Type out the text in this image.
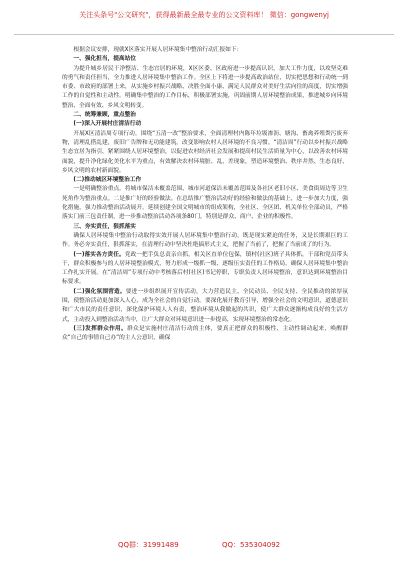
关注头条号"公文研究"，获得最新最全最专业的公文资料库！ 微信：gongwenyj

根据会议安排，现就X区落实开展人居环境集中整治行动汇报如下：

一、强化担当，提高站位

为提升城乡居民干净整洁、生态宜居的环境，X区区委、区政府进一步提高认识，加大工作力度，以攻坚克难的勇气和责任担当，全力推进人居环境集中整治工作。全区上下将进一步提高政治站位，切实把思想和行动统一到市委、市政府的部署上来，从实施乡村振兴战略、决胜全面小康、满足人民群众对美好生活向往的高度，切实增强工作的自觉性和主动性。明确集中整治的工作目标，积极部署实施，巩固前期人居环境整治成果，推进城乡向环境整治、全面有效、乡风文明转变。

二、统筹兼顾，重点整治

(一)深入开展村庄清洁行动

开展X区清洁周专项行动。围绕“五清一改”整治要求，全面清理村内陈年垃圾渗沥、塘沟、畜禽养殖粪污废弃物，清理乱搭乱建，废旧广告牌和无功能建筑。改变影响农村人居环境的不良习惯。“清洁周”行动以乡村振兴战略生态宜居为指引，紧紧围绕人居环境整治，以促进农村经济社会发展和提高村民生活质量为中心，以改善农村环境面貌，提升净化绿化美化水平为重点，有效解决农村环境脏、乱、差现象，塑造环境整治、秩序井然、生态良好、乡风文明的农村新面貌。

(二)推动城区环境整治工作

一是明确整治重点。将城市保洁未覆盖范围、城市河道保洁未覆盖范围及各社区老旧小区、美食街周边等卫生死角作为整治重点。二是推广好的经验做法。在总结推广整治活动好的经验和做法的基础上，进一步加大力度，强化措施，强力推动整治活动展开。延续创建全国文明城市的组成架构，全社区、全区团、机关单位全部动员，严格落实门前三包责任制，进一步推动整治活动各项条80门，特别是群众、商户、企业的积极性。

三、夯实责任，狠抓落实

确保人居环境集中整治行动取得实效开展人居环境集中整治行动。既是现实紧迫的任务，又是长期艰巨的工作。务必夯实责任，狠抓落实，在清理行动中坚决杜绝搞形式主义，把握了当前了，把握了当前成了的行为。

(一)落实各方责任。党政一把手负总责亲自抓，相关区直单位包保，镇村(社区)班子具体抓，干部和党员带头干，群众积极参与的人居环境整治模式，努力形成一级抓一级、逐级压实责任的工作格局。确保人居环境集中整治工作扎实开展。在“清洁周”专项行动中考核落后村(社区)书记停职，专职负责人居环境整治，意识达到环境整治目标要求。

(二)强化氛围营造。要进一步组织展开宣传活动，大力营造民主、全民动员、全民支持、全民推动的浓厚氛围，使整治活动更加深入人心，成为全社会的自觉行动。要深化展开教育引导，增强全社会的文明意识，道德意识和广大市民的责任意识，深化保护环境人人有责，整治环境从我做起的共识，使广大群众逐渐构成良好的生活方式，主动投入到整治活动当中，让广大群众对环境意识进一步提高，实现环境整治的常态化。

(三)发挥群众作用。群众是实施村庄清洁行动的主体，要真正把群众的积极性、主动性调动起来，唤醒群众“自己的事情自己办”的主人公意识，确保

QQ群：31991489	QQ：535304092
